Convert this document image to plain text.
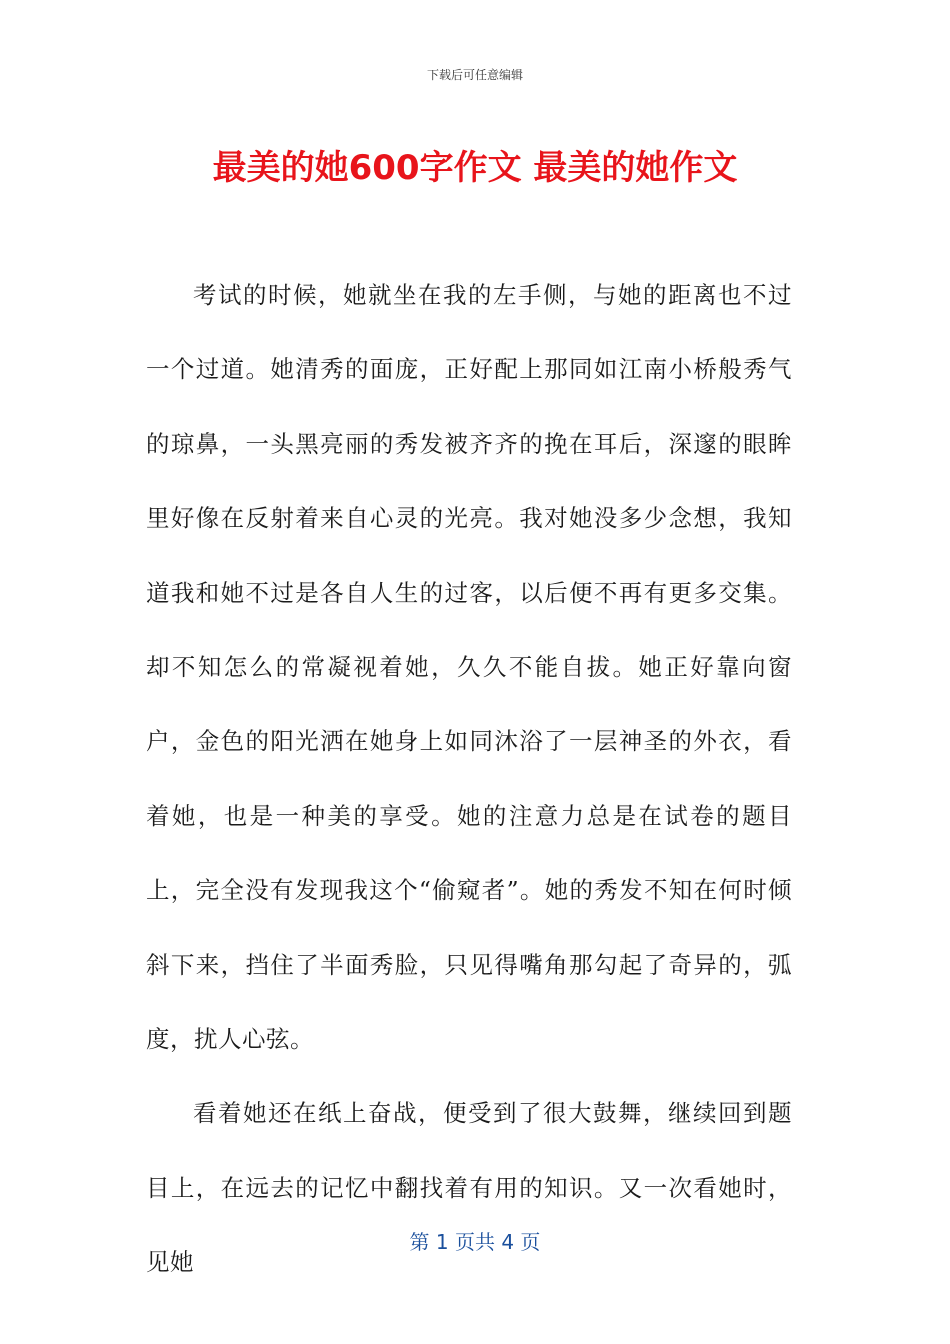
下载后可任意编辑
最美的她600字作文 最美的她作文

考试的时候，她就坐在我的左手侧，与她的距离也不过一个过道。她清秀的面庞，正好配上那同如江南小桥般秀气的琼鼻，一头黑亮丽的秀发被齐齐的挽在耳后，深邃的眼眸里好像在反射着来自心灵的光亮。我对她没多少念想，我知道我和她不过是各自人生的过客，以后便不再有更多交集。却不知怎么的常凝视着她，久久不能自拔。她正好靠向窗户，金色的阳光洒在她身上如同沐浴了一层神圣的外衣，看着她，也是一种美的享受。她的注意力总是在试卷的题目上，完全没有发现我这个“偷窥者”。她的秀发不知在何时倾斜下来，挡住了半面秀脸，只见得嘴角那勾起了奇异的，弧度，扰人心弦。

看着她还在纸上奋战，便受到了很大鼓舞，继续回到题目上，在远去的记忆中翻找着有用的知识。又一次看她时，见她

第 1 页共 4 页
